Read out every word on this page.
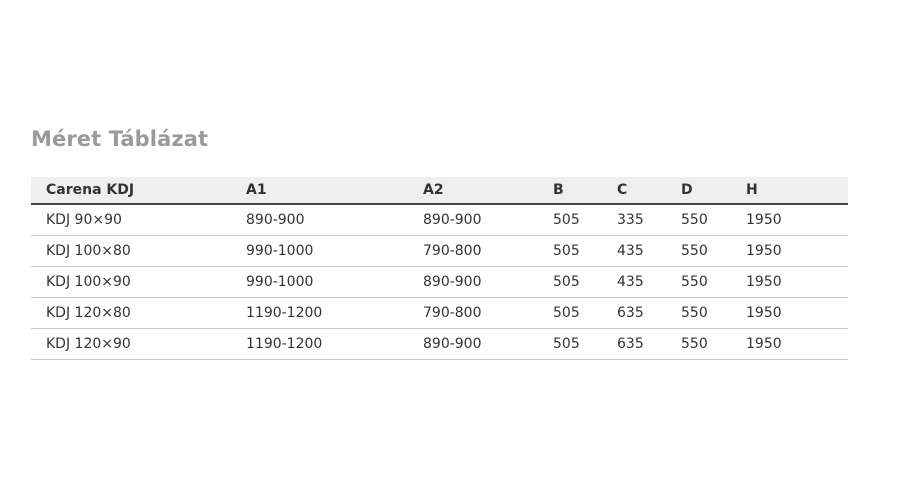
Méret Táblázat
Carena KDJ	A1	A2	B	C	D	H
KDJ 90×90	890-900	890-900	505	335	550	1950
KDJ 100×80	990-1000	790-800	505	435	550	1950
KDJ 100×90	990-1000	890-900	505	435	550	1950
KDJ 120×80	1190-1200	790-800	505	635	550	1950
KDJ 120×90	1190-1200	890-900	505	635	550	1950
